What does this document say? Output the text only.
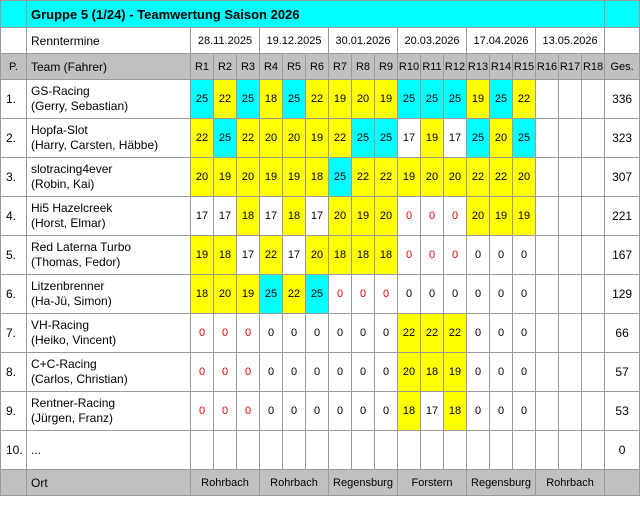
	Gruppe 5 (1/24) - Teamwertung Saison 2026																			
	Renntermine	28.11.2025			19.12.2025			30.01.2026			20.03.2026			17.04.2026			13.05.2026			
P.	Team (Fahrer)	R1	R2	R3	R4	R5	R6	R7	R8	R9	R10	R11	R12	R13	R14	R15	R16	R17	R18	Ges.
1.	GS-Racing
(Gerry, Sebastian)	25	22	25	18	25	22	19	20	19	25	25	25	19	25	22				336
2.	Hopfa-Slot
(Harry, Carsten, Häbbe)	22	25	22	20	20	19	22	25	25	17	19	17	25	20	25				323
3.	slotracing4ever
(Robin, Kai)	20	19	20	19	19	18	25	22	22	19	20	20	22	22	20				307
4.	Hi5 Hazelcreek
(Horst, Elmar)	17	17	18	17	18	17	20	19	20	0	0	0	20	19	19				221
5.	Red Laterna Turbo
(Thomas, Fedor)	19	18	17	22	17	20	18	18	18	0	0	0	0	0	0				167
6.	Litzenbrenner
(Ha-Jü, Simon)	18	20	19	25	22	25	0	0	0	0	0	0	0	0	0				129
7.	VH-Racing
(Heiko, Vincent)	0	0	0	0	0	0	0	0	0	22	22	22	0	0	0				66
8.	C+C-Racing
(Carlos, Christian)	0	0	0	0	0	0	0	0	0	20	18	19	0	0	0				57
9.	Rentner-Racing
(Jürgen, Franz)	0	0	0	0	0	0	0	0	0	18	17	18	0	0	0				53
10.	...																			0
	Ort	Rohrbach			Rohrbach			Regensburg			Forstern			Regensburg			Rohrbach			
